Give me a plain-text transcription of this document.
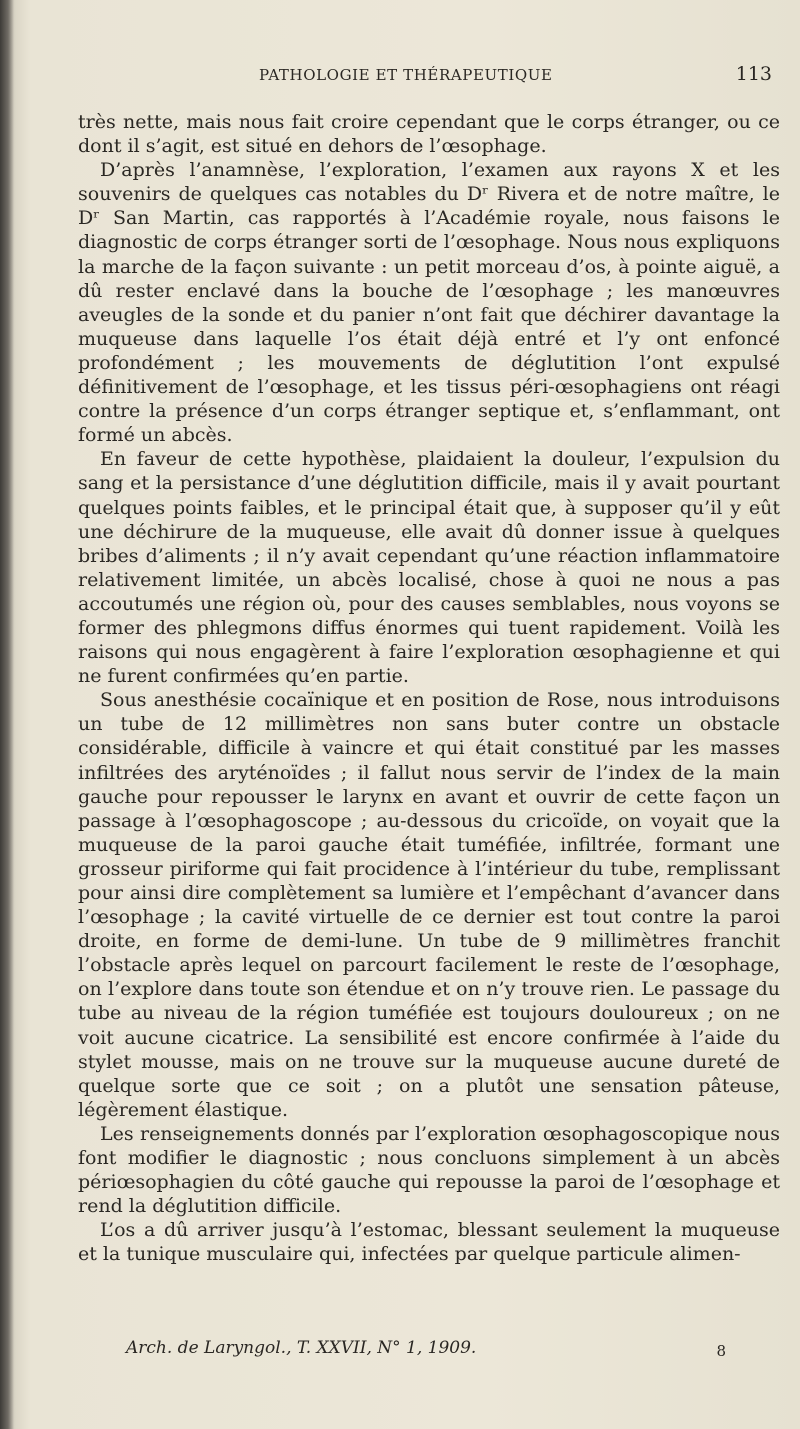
PATHOLOGIE ET THÉRAPEUTIQUE	113

très nette, mais nous fait croire cependant que le corps étranger, ou ce dont il s’agit, est situé en dehors de l’œsophage.

D’après l’anamnèse, l’exploration, l’examen aux rayons X et les souvenirs de quelques cas notables du Dʳ Rivera et de notre maître, le Dʳ San Martin, cas rapportés à l’Académie royale, nous faisons le diagnostic de corps étranger sorti de l’œsophage. Nous nous expliquons la marche de la façon suivante : un petit morceau d’os, à pointe aiguë, a dû rester enclavé dans la bouche de l’œsophage ; les manœuvres aveugles de la sonde et du panier n’ont fait que déchirer davantage la muqueuse dans laquelle l’os était déjà entré et l’y ont enfoncé profondément ; les mouvements de déglutition l’ont expulsé définitivement de l’œsophage, et les tissus péri-œsophagiens ont réagi contre la présence d’un corps étranger septique et, s’enflammant, ont formé un abcès.

En faveur de cette hypothèse, plaidaient la douleur, l’expulsion du sang et la persistance d’une déglutition difficile, mais il y avait pourtant quelques points faibles, et le principal était que, à supposer qu’il y eût une déchirure de la muqueuse, elle avait dû donner issue à quelques bribes d’aliments ; il n’y avait cependant qu’une réaction inflammatoire relativement limitée, un abcès localisé, chose à quoi ne nous a pas accoutumés une région où, pour des causes semblables, nous voyons se former des phlegmons diffus énormes qui tuent rapidement. Voilà les raisons qui nous engagèrent à faire l’exploration œsophagienne et qui ne furent confirmées qu’en partie.

Sous anesthésie cocaïnique et en position de Rose, nous introduisons un tube de 12 millimètres non sans buter contre un obstacle considérable, difficile à vaincre et qui était constitué par les masses infiltrées des aryténoïdes ; il fallut nous servir de l’index de la main gauche pour repousser le larynx en avant et ouvrir de cette façon un passage à l’œsophagoscope ; au-dessous du cricoïde, on voyait que la muqueuse de la paroi gauche était tuméfiée, infiltrée, formant une grosseur piriforme qui fait procidence à l’intérieur du tube, remplissant pour ainsi dire complètement sa lumière et l’empêchant d’avancer dans l’œsophage ; la cavité virtuelle de ce dernier est tout contre la paroi droite, en forme de demi-lune. Un tube de 9 millimètres franchit l’obstacle après lequel on parcourt facilement le reste de l’œsophage, on l’explore dans toute son étendue et on n’y trouve rien. Le passage du tube au niveau de la région tuméfiée est toujours douloureux ; on ne voit aucune cicatrice. La sensibilité est encore confirmée à l’aide du stylet mousse, mais on ne trouve sur la muqueuse aucune dureté de quelque sorte que ce soit ; on a plutôt une sensation pâteuse, légèrement élastique.

Les renseignements donnés par l’exploration œsophagoscopique nous font modifier le diagnostic ; nous concluons simplement à un abcès périœsophagien du côté gauche qui repousse la paroi de l’œsophage et rend la déglutition difficile.

L’os a dû arriver jusqu’à l’estomac, blessant seulement la muqueuse et la tunique musculaire qui, infectées par quelque particule alimen-

Arch. de Laryngol., T. XXVII, N° 1, 1909.	8
